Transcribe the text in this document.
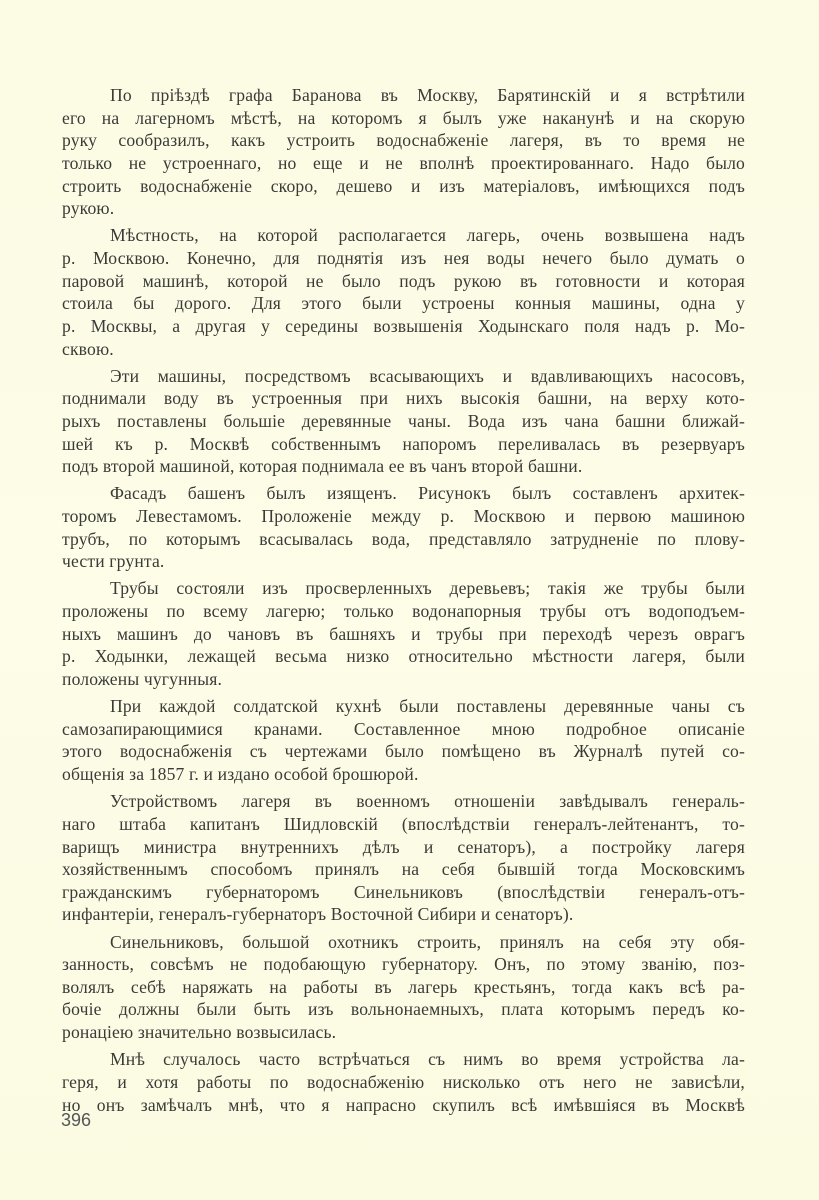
По пріѣздѣ графа Баранова въ Москву, Барятинскій и я встрѣтили
его на лагерномъ мѣстѣ, на которомъ я былъ уже наканунѣ и на скорую
руку сообразилъ, какъ устроить водоснабженіе лагеря, въ то время не
только не устроеннаго, но еще и не вполнѣ проектированнаго. Надо было
строить водоснабженіе скоро, дешево и изъ матеріаловъ, имѣющихся подъ
рукою.
Мѣстность, на которой располагается лагерь, очень возвышена надъ
р. Москвою. Конечно, для поднятія изъ нея воды нечего было думать о
паровой машинѣ, которой не было подъ рукою въ готовности и которая
стоила бы дорого. Для этого были устроены конныя машины, одна у
р. Москвы, а другая у середины возвышенія Ходынскаго поля надъ р. Мо-
сквою.
Эти машины, посредствомъ всасывающихъ и вдавливающихъ насосовъ,
поднимали воду въ устроенныя при нихъ высокія башни, на верху кото-
рыхъ поставлены большіе деревянные чаны. Вода изъ чана башни ближай-
шей къ р. Москвѣ собственнымъ напоромъ переливалась въ резервуаръ
подъ второй машиной, которая поднимала ее въ чанъ второй башни.
Фасадъ башенъ былъ изященъ. Рисунокъ былъ составленъ архитек-
торомъ Левестамомъ. Проложеніе между р. Москвою и первою машиною
трубъ, по которымъ всасывалась вода, представляло затрудненіе по плову-
чести грунта.
Трубы состояли изъ просверленныхъ деревьевъ; такія же трубы были
проложены по всему лагерю; только водонапорныя трубы отъ водоподъем-
ныхъ машинъ до чановъ въ башняхъ и трубы при переходѣ черезъ оврагъ
р. Ходынки, лежащей весьма низко относительно мѣстности лагеря, были
положены чугунныя.
При каждой солдатской кухнѣ были поставлены деревянные чаны съ
самозапирающимися кранами. Составленное мною подробное описаніе
этого водоснабженія съ чертежами было помѣщено въ Журналѣ путей со-
общенія за 1857 г. и издано особой брошюрой.
Устройствомъ лагеря въ военномъ отношеніи завѣдывалъ генераль-
наго штаба капитанъ Шидловскій (впослѣдствіи генералъ-лейтенантъ, то-
варищъ министра внутреннихъ дѣлъ и сенаторъ), а постройку лагеря
хозяйственнымъ способомъ принялъ на себя бывшій тогда Московскимъ
гражданскимъ губернаторомъ Синельниковъ (впослѣдствіи генералъ-отъ-
инфантеріи, генералъ-губернаторъ Восточной Сибири и сенаторъ).
Синельниковъ, большой охотникъ строить, принялъ на себя эту обя-
занность, совсѣмъ не подобающую губернатору. Онъ, по этому званію, поз-
волялъ себѣ наряжать на работы въ лагерь крестьянъ, тогда какъ всѣ ра-
бочіе должны были быть изъ вольнонаемныхъ, плата которымъ передъ ко-
ронаціею значительно возвысилась.
Мнѣ случалось часто встрѣчаться съ нимъ во время устройства ла-
геря, и хотя работы по водоснабженію нисколько отъ него не зависѣли,
но онъ замѣчалъ мнѣ, что я напрасно скупилъ всѣ имѣвшіяся въ Москвѣ
396
